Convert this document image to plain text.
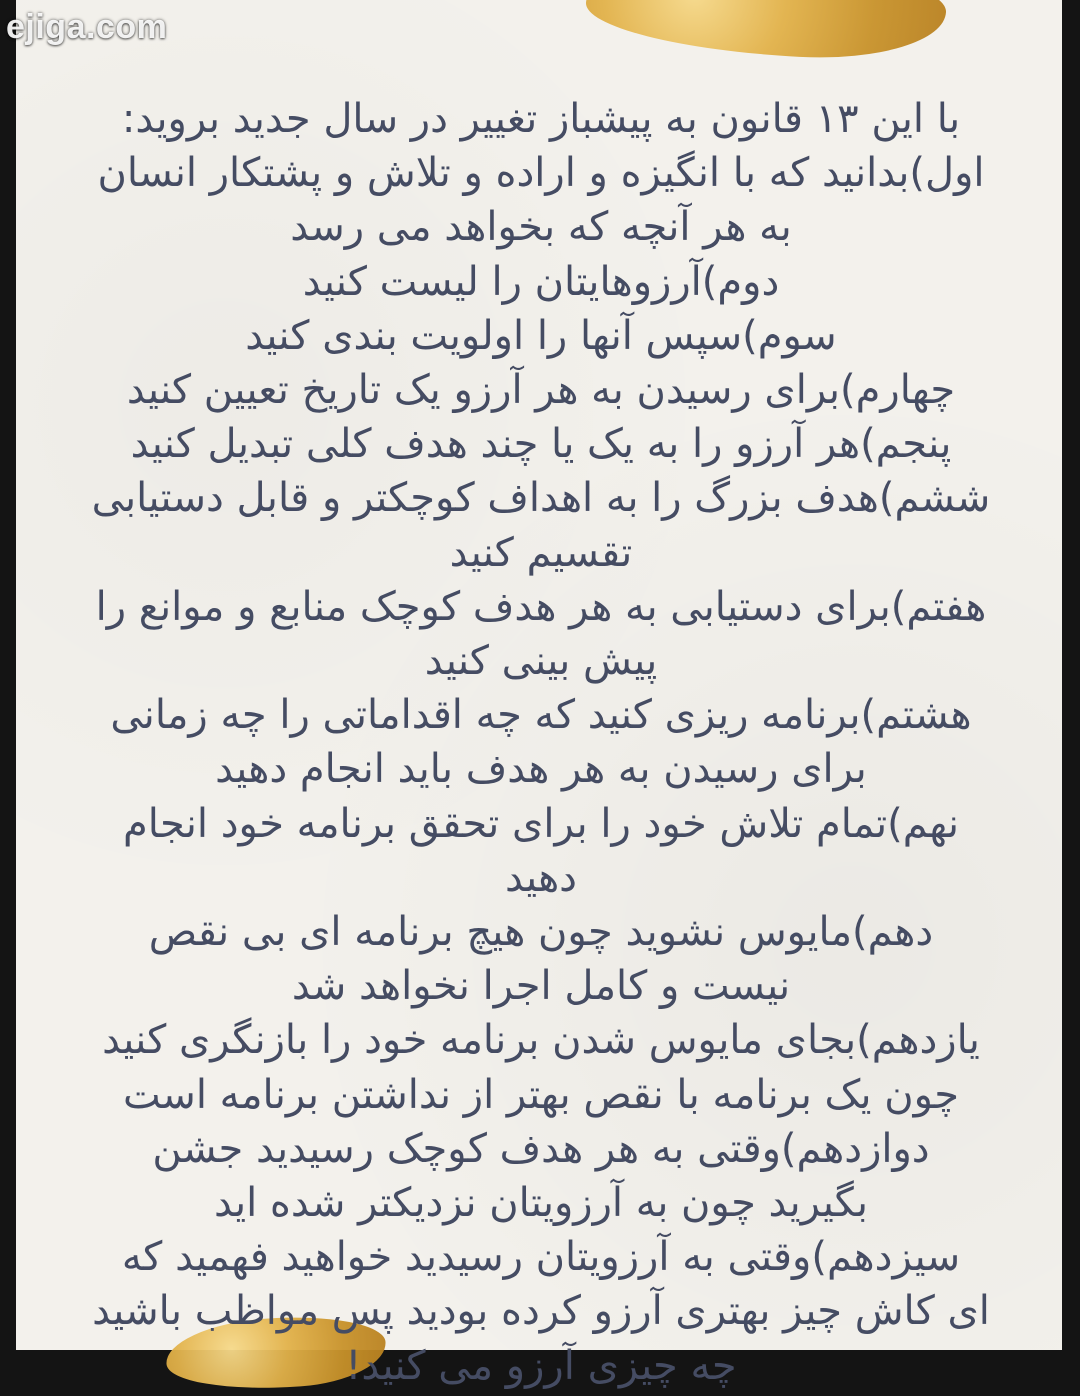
با این ۱۳ قانون به پیشباز تغییر در سال جدید بروید:
اول)بدانید که با انگیزه و اراده و تلاش و پشتکار انسان
به هر آنچه که بخواهد می رسد
دوم)آرزوهایتان را لیست کنید
سوم)سپس آنها را اولویت بندی کنید
چهارم)برای رسیدن به هر آرزو یک تاریخ تعیین کنید
پنجم)هر آرزو را به یک یا چند هدف کلی تبدیل کنید
ششم)هدف بزرگ را به اهداف کوچکتر و قابل دستیابی
تقسیم کنید
هفتم)برای دستیابی به هر هدف کوچک منابع و موانع را
پیش بینی کنید
هشتم)برنامه ریزی کنید که چه اقداماتی را چه زمانی
برای رسیدن به هر هدف باید انجام دهید
نهم)تمام تلاش خود را برای تحقق برنامه خود انجام
دهید
دهم)مایوس نشوید چون هیچ برنامه ای بی نقص
نیست و کامل اجرا نخواهد شد
یازدهم)بجای مایوس شدن برنامه خود را بازنگری کنید
چون یک برنامه با نقص بهتر از نداشتن برنامه است
دوازدهم)وقتی به هر هدف کوچک رسیدید جشن
بگیرید چون به آرزویتان نزدیکتر شده اید
سیزدهم)وقتی به آرزویتان رسیدید خواهید فهمید که
ای کاش چیز بهتری آرزو کرده بودید پس مواظب باشید
چه چیزی آرزو می کنید!
ejiga.com
